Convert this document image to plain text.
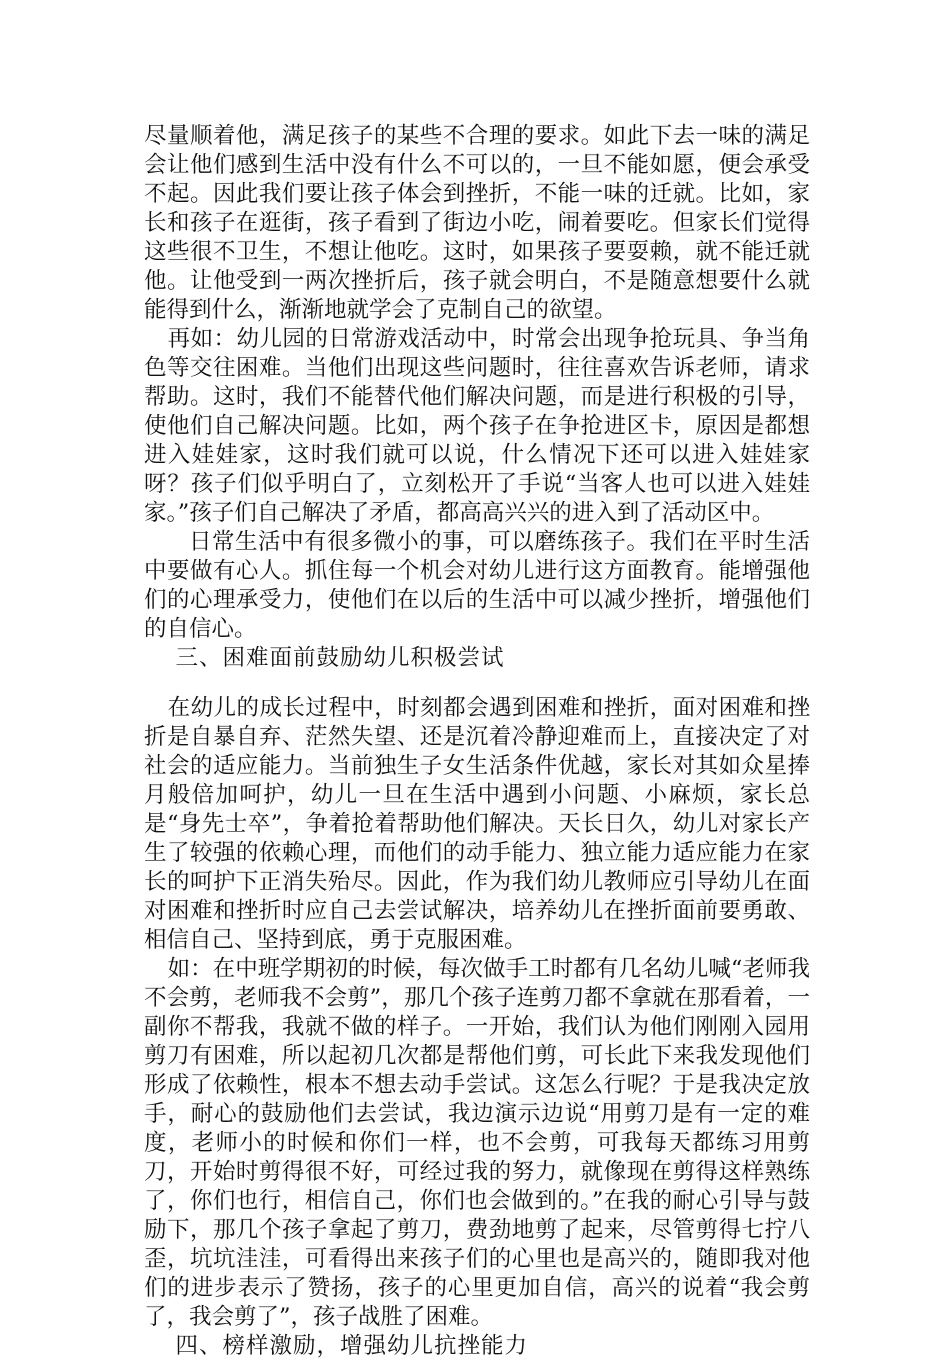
尽量顺着他，满足孩子的某些不合理的要求。如此下去一味的满足会让他们感到生活中没有什么不可以的，一旦不能如愿，便会承受不起。因此我们要让孩子体会到挫折，不能一味的迁就。比如，家长和孩子在逛街，孩子看到了街边小吃，闹着要吃。但家长们觉得这些很不卫生，不想让他吃。这时，如果孩子要耍赖，就不能迁就他。让他受到一两次挫折后，孩子就会明白，不是随意想要什么就能得到什么，渐渐地就学会了克制自己的欲望。

再如：幼儿园的日常游戏活动中，时常会出现争抢玩具、争当角色等交往困难。当他们出现这些问题时，往往喜欢告诉老师，请求帮助。这时，我们不能替代他们解决问题，而是进行积极的引导，使他们自己解决问题。比如，两个孩子在争抢进区卡，原因是都想进入娃娃家，这时我们就可以说，什么情况下还可以进入娃娃家呀？孩子们似乎明白了，立刻松开了手说“当客人也可以进入娃娃家。”孩子们自己解决了矛盾，都高高兴兴的进入到了活动区中。

日常生活中有很多微小的事，可以磨练孩子。我们在平时生活中要做有心人。抓住每一个机会对幼儿进行这方面教育。能增强他们的心理承受力，使他们在以后的生活中可以减少挫折，增强他们的自信心。

三、困难面前鼓励幼儿积极尝试

在幼儿的成长过程中，时刻都会遇到困难和挫折，面对困难和挫折是自暴自弃、茫然失望、还是沉着冷静迎难而上，直接决定了对社会的适应能力。当前独生子女生活条件优越，家长对其如众星捧月般倍加呵护，幼儿一旦在生活中遇到小问题、小麻烦，家长总是“身先士卒”，争着抢着帮助他们解决。天长日久，幼儿对家长产生了较强的依赖心理，而他们的动手能力、独立能力适应能力在家长的呵护下正消失殆尽。因此，作为我们幼儿教师应引导幼儿在面对困难和挫折时应自己去尝试解决，培养幼儿在挫折面前要勇敢、相信自己、坚持到底，勇于克服困难。

如：在中班学期初的时候，每次做手工时都有几名幼儿喊“老师我不会剪，老师我不会剪”，那几个孩子连剪刀都不拿就在那看着，一副你不帮我，我就不做的样子。一开始，我们认为他们刚刚入园用剪刀有困难，所以起初几次都是帮他们剪，可长此下来我发现他们形成了依赖性，根本不想去动手尝试。这怎么行呢？于是我决定放手，耐心的鼓励他们去尝试，我边演示边说“用剪刀是有一定的难度，老师小的时候和你们一样，也不会剪，可我每天都练习用剪刀，开始时剪得很不好，可经过我的努力，就像现在剪得这样熟练了，你们也行，相信自己，你们也会做到的。”在我的耐心引导与鼓励下，那几个孩子拿起了剪刀，费劲地剪了起来，尽管剪得七拧八歪，坑坑洼洼，可看得出来孩子们的心里也是高兴的，随即我对他们的进步表示了赞扬，孩子的心里更加自信，高兴的说着“我会剪了，我会剪了”，孩子战胜了困难。

四、榜样激励，增强幼儿抗挫能力
